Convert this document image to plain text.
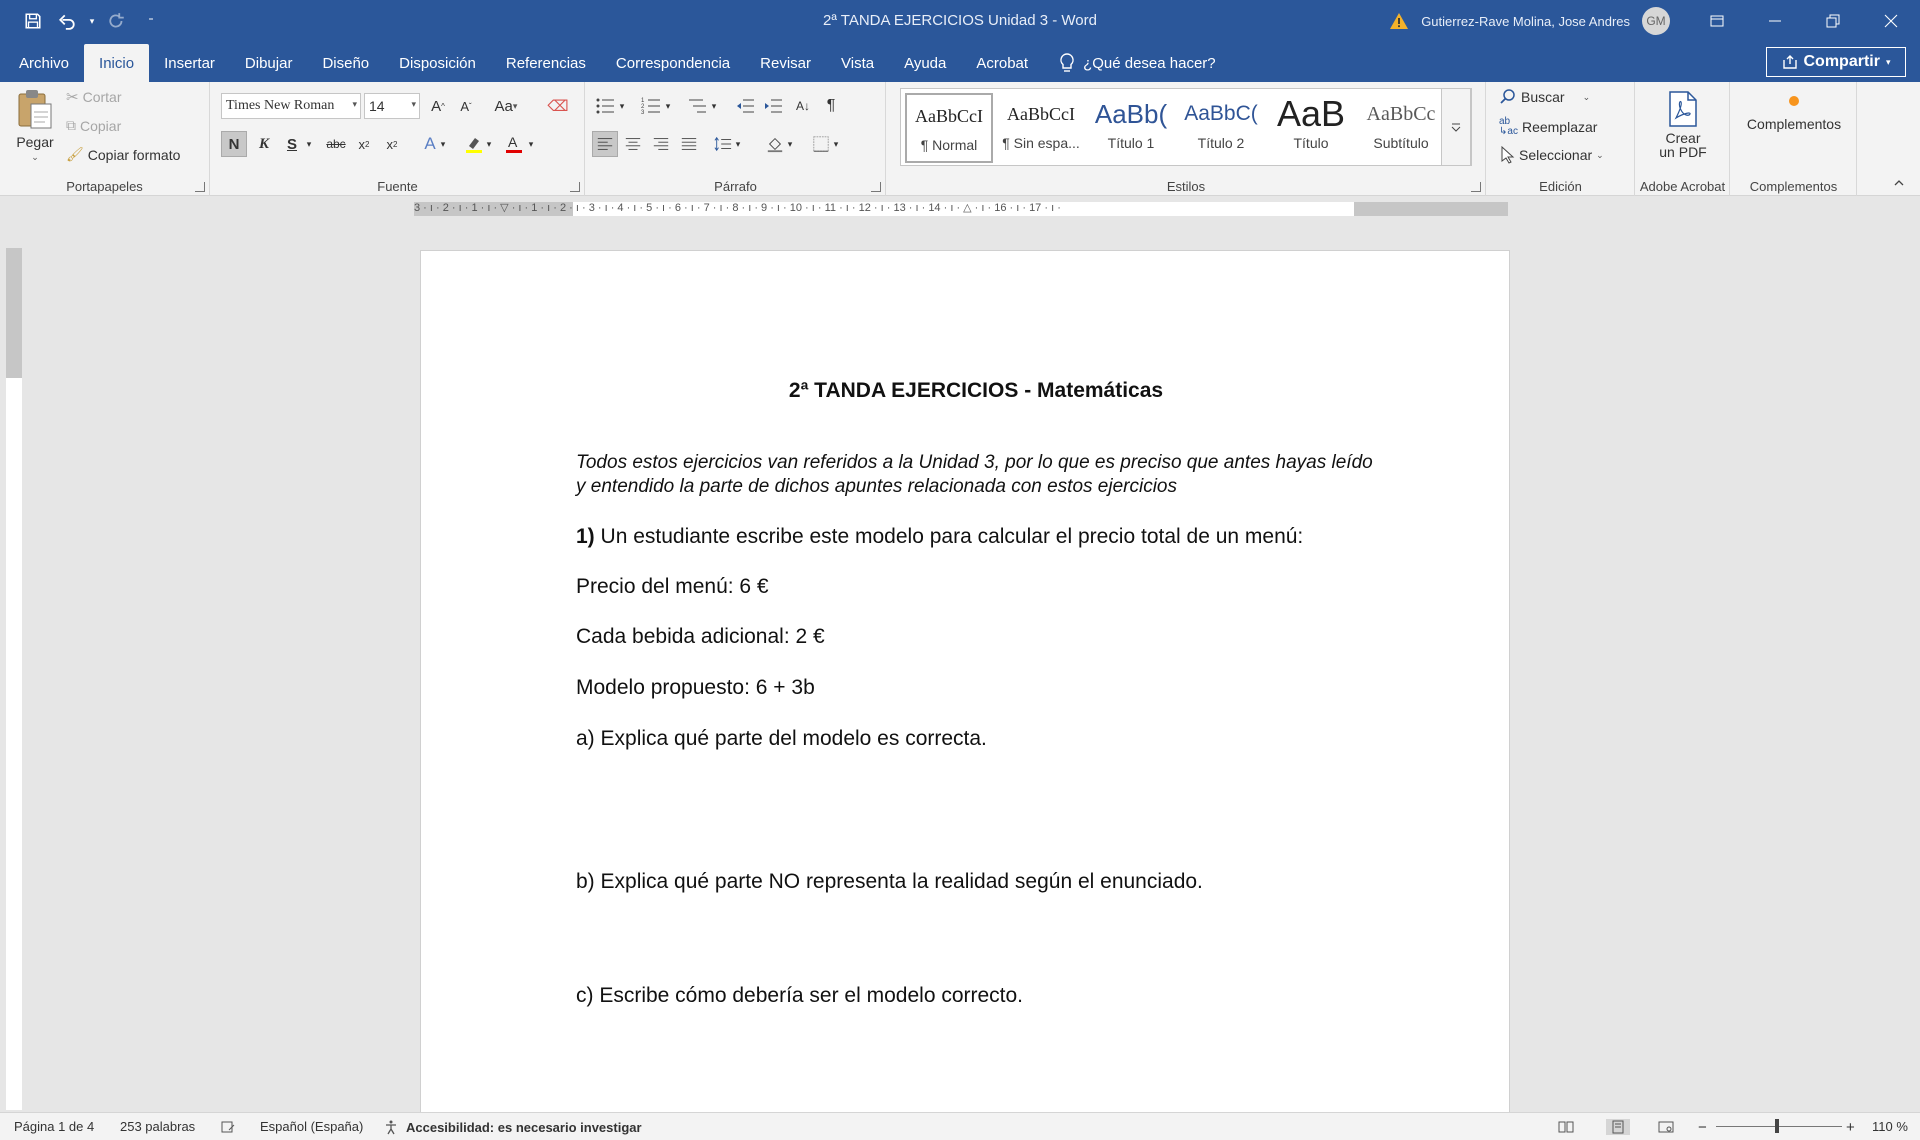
▾	⁼	2ª TANDA EJERCICIOS Unidad 3 - Word	Gutierrez-Rave Molina, Jose Andres	GM
Archivo	Inicio	Insertar	Dibujar	Diseño	Disposición	Referencias	Correspondencia	Revisar	Vista	Ayuda	Acrobat	¿Qué desea hacer?	Compartir ▾
Pegar
⌄
✂ Cortar
⧉ Copiar
🖌 Copiar formato
Portapapeles
Times New Roman	▾ 14	▾	A ^	A ˇ Aa ▾ ⌫
N	K	S	▾	abc x 2	x 2	A ▾	▾ A	▾
Fuente
▾	1
2
3
▾	▾	A↓	¶
▾	▾	▾
Párrafo	Estilos
AaBbCcI
¶ Normal
AaBbCcI
¶ Sin espa...
AaBb(
Título 1
AaBbC(
Título 2
AaB
Título
AaBbCc
Subtítulo
Buscar ⌄
ab
↳ac Reemplazar
Seleccionar ⌄
Edición
Crear
un PDF
Adobe Acrobat
Complementos
Complementos
3 · ı · 2 · ı · 1 · ı · ▽ · ı · 1 · ı · 2 · ı · 3 · ı · 4 · ı · 5 · ı · 6 · ı · 7 · ı · 8 · ı · 9 · ı · 10 · ı · 11 · ı · 12 · ı · 13 · ı · 14 · ı · △ · ı · 16 · ı · 17 · ı ·
2ª TANDA EJERCICIOS - Matemáticas
Todos estos ejercicios van referidos a la Unidad 3, por lo que es preciso que antes hayas leído y entendido la parte de dichos apuntes relacionada con estos ejercicios
1) Un estudiante escribe este modelo para calcular el precio total de un menú:
Precio del menú: 6 €
Cada bebida adicional: 2 €
Modelo propuesto: 6 + 3b
a) Explica qué parte del modelo es correcta.
b) Explica qué parte NO representa la realidad según el enunciado.
c) Escribe cómo debería ser el modelo correcto.
Página 1 de 4 253 palabras	Español (España)	Accesibilidad: es necesario investigar	−	+ 110 %
